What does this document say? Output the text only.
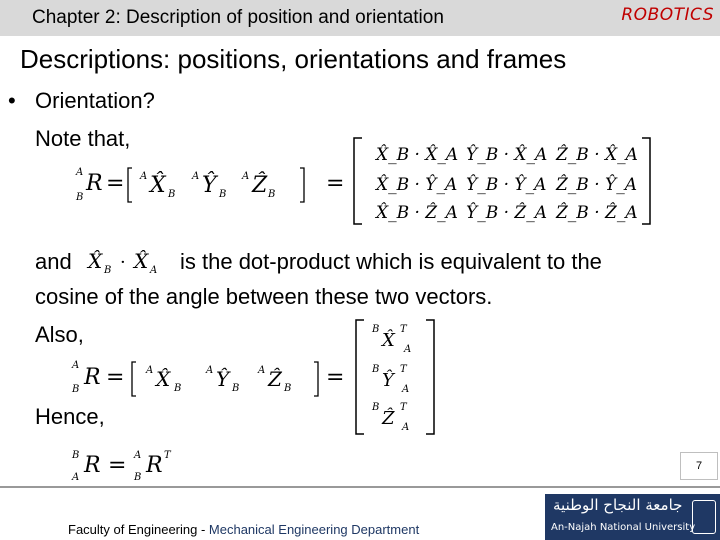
Chapter 2: Description of position and orientation	ROBOTICS
Descriptions: positions, orientations and frames
• Orientation?
Note that,
A
B
R = A X̂ B
A Ŷ B
A Ẑ B =
X̂_B · X̂_A Ŷ_B · X̂_A Ẑ_B · X̂_A
X̂_B · Ŷ_A Ŷ_B · Ŷ_A Ẑ_B · Ŷ_A
X̂_B · Ẑ_A Ŷ_B · Ẑ_A Ẑ_B · Ẑ_A
and X̂ B · X̂ A is the dot-product which is equivalent to the
cosine of the angle between these two vectors.
Also,
A
B R = A X̂ B
A Ŷ B
A Ẑ B =
B
X̂
T
A
B
Ŷ
T
A
B
Ẑ
T
A
Hence,
B
A R = A
B R T
7
Faculty of Engineering - Mechanical Engineering Department
جامعة النجاح الوطنية
An-Najah National University
